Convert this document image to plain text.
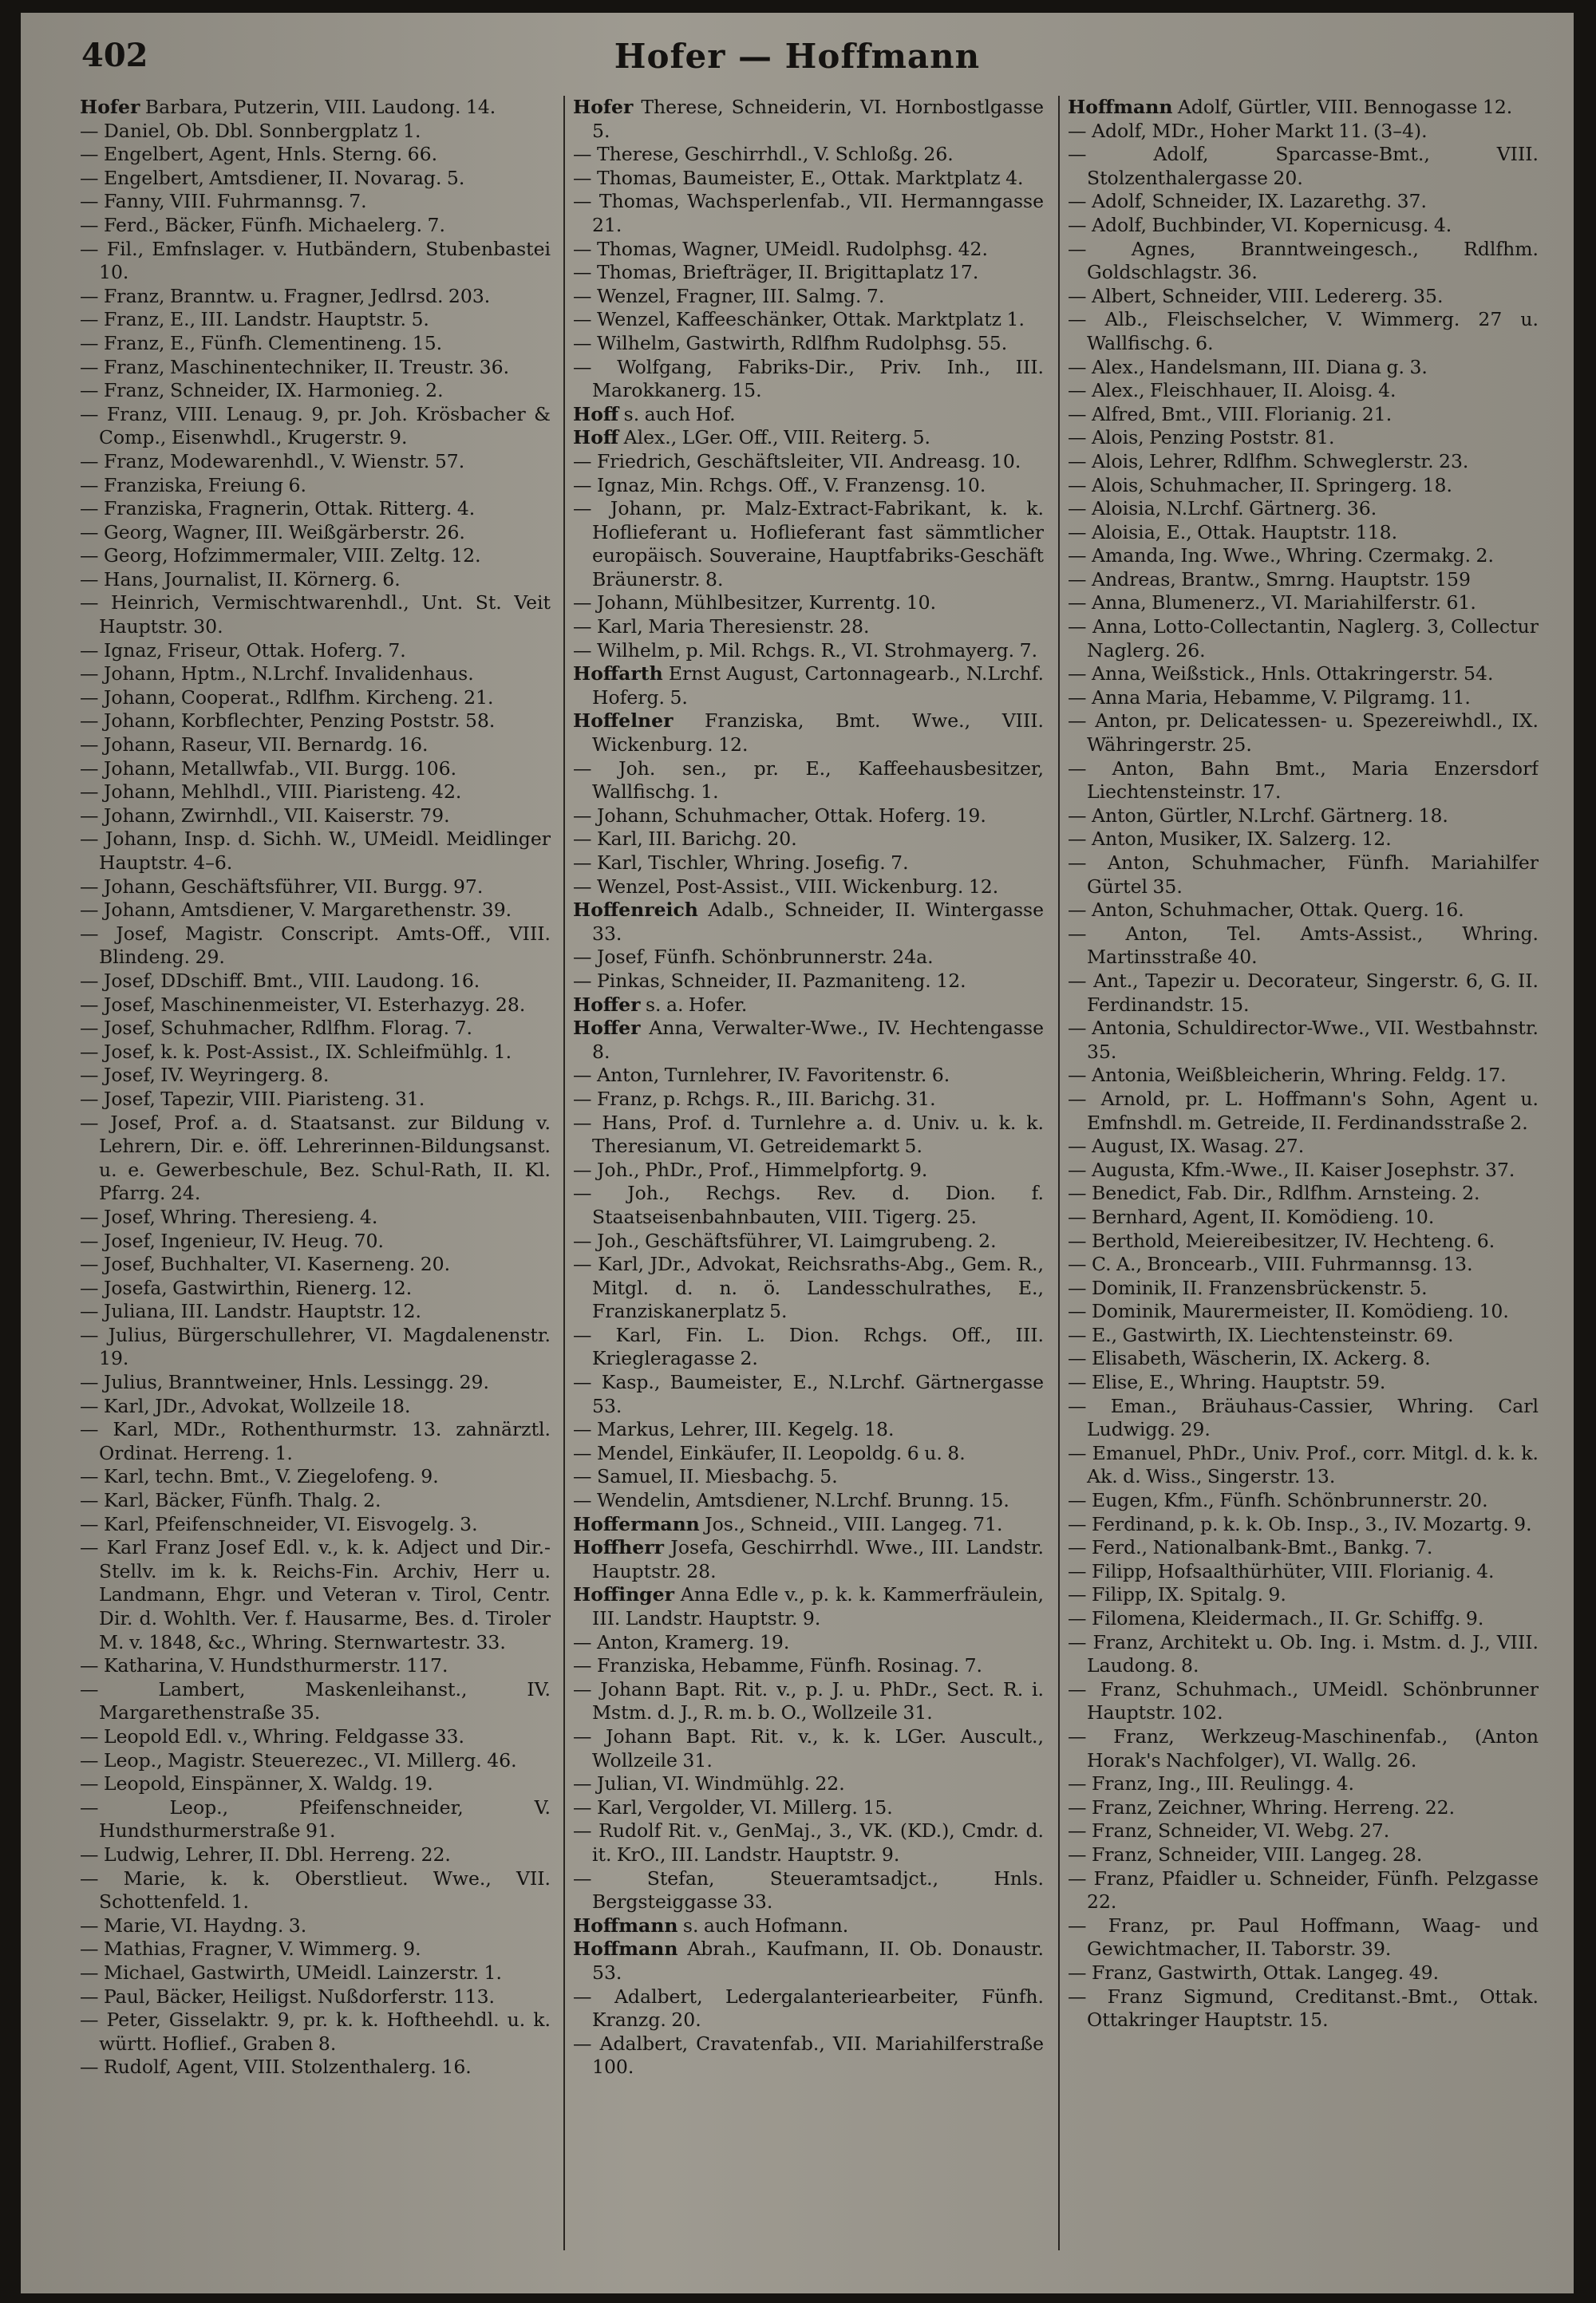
402	Hofer — Hoffmann
Hofer Barbara, Putzerin, VIII. Laudong. 14.
— Daniel, Ob. Dbl. Sonnbergplatz 1.
— Engelbert, Agent, Hnls. Sterng. 66.
— Engelbert, Amtsdiener, II. Novarag. 5.
— Fanny, VIII. Fuhrmannsg. 7.
— Ferd., Bäcker, Fünfh. Michaelerg. 7.
— Fil., Emfnslager. v. Hutbändern, Stubenbastei 10.
— Franz, Branntw. u. Fragner, Jedlrsd. 203.
— Franz, E., III. Landstr. Hauptstr. 5.
— Franz, E., Fünfh. Clementineng. 15.
— Franz, Maschinentechniker, II. Treustr. 36.
— Franz, Schneider, IX. Harmonieg. 2.
— Franz, VIII. Lenaug. 9, pr. Joh. Krösbacher & Comp., Eisenwhdl., Krugerstr. 9.
— Franz, Modewarenhdl., V. Wienstr. 57.
— Franziska, Freiung 6.
— Franziska, Fragnerin, Ottak. Ritterg. 4.
— Georg, Wagner, III. Weißgärberstr. 26.
— Georg, Hofzimmermaler, VIII. Zeltg. 12.
— Hans, Journalist, II. Körnerg. 6.
— Heinrich, Vermischtwarenhdl., Unt. St. Veit Hauptstr. 30.
— Ignaz, Friseur, Ottak. Hoferg. 7.
— Johann, Hptm., N.Lrchf. Invalidenhaus.
— Johann, Cooperat., Rdlfhm. Kircheng. 21.
— Johann, Korbflechter, Penzing Poststr. 58.
— Johann, Raseur, VII. Bernardg. 16.
— Johann, Metallwfab., VII. Burgg. 106.
— Johann, Mehlhdl., VIII. Piaristeng. 42.
— Johann, Zwirnhdl., VII. Kaiserstr. 79.
— Johann, Insp. d. Sichh. W., UMeidl. Meidlinger Hauptstr. 4–6.
— Johann, Geschäftsführer, VII. Burgg. 97.
— Johann, Amtsdiener, V. Margarethenstr. 39.
— Josef, Magistr. Conscript. Amts-Off., VIII. Blindeng. 29.
— Josef, DDschiff. Bmt., VIII. Laudong. 16.
— Josef, Maschinenmeister, VI. Esterhazyg. 28.
— Josef, Schuhmacher, Rdlfhm. Florag. 7.
— Josef, k. k. Post-Assist., IX. Schleifmühlg. 1.
— Josef, IV. Weyringerg. 8.
— Josef, Tapezir, VIII. Piaristeng. 31.
— Josef, Prof. a. d. Staatsanst. zur Bildung v. Lehrern, Dir. e. öff. Lehrerinnen-Bildungsanst. u. e. Gewerbeschule, Bez. Schul-Rath, II. Kl. Pfarrg. 24.
— Josef, Whring. Theresieng. 4.
— Josef, Ingenieur, IV. Heug. 70.
— Josef, Buchhalter, VI. Kaserneng. 20.
— Josefa, Gastwirthin, Rienerg. 12.
— Juliana, III. Landstr. Hauptstr. 12.
— Julius, Bürgerschullehrer, VI. Magdalenenstr. 19.
— Julius, Branntweiner, Hnls. Lessingg. 29.
— Karl, JDr., Advokat, Wollzeile 18.
— Karl, MDr., Rothenthurmstr. 13. zahnärztl. Ordinat. Herreng. 1.
— Karl, techn. Bmt., V. Ziegelofeng. 9.
— Karl, Bäcker, Fünfh. Thalg. 2.
— Karl, Pfeifenschneider, VI. Eisvogelg. 3.
— Karl Franz Josef Edl. v., k. k. Adject und Dir.-Stellv. im k. k. Reichs-Fin. Archiv, Herr u. Landmann, Ehgr. und Veteran v. Tirol, Centr. Dir. d. Wohlth. Ver. f. Hausarme, Bes. d. Tiroler M. v. 1848, &c., Whring. Sternwartestr. 33.
— Katharina, V. Hundsthurmerstr. 117.
— Lambert, Maskenleihanst., IV. Margarethenstraße 35.
— Leopold Edl. v., Whring. Feldgasse 33.
— Leop., Magistr. Steuerezec., VI. Millerg. 46.
— Leopold, Einspänner, X. Waldg. 19.
— Leop., Pfeifenschneider, V. Hundsthurmerstraße 91.
— Ludwig, Lehrer, II. Dbl. Herreng. 22.
— Marie, k. k. Oberstlieut. Wwe., VII. Schottenfeld. 1.
— Marie, VI. Haydng. 3.
— Mathias, Fragner, V. Wimmerg. 9.
— Michael, Gastwirth, UMeidl. Lainzerstr. 1.
— Paul, Bäcker, Heiligst. Nußdorferstr. 113.
— Peter, Gisselaktr. 9, pr. k. k. Hoftheehdl. u. k. württ. Hoflief., Graben 8.
— Rudolf, Agent, VIII. Stolzenthalerg. 16.
Hofer Therese, Schneiderin, VI. Hornbostlgasse 5.
— Therese, Geschirrhdl., V. Schloßg. 26.
— Thomas, Baumeister, E., Ottak. Marktplatz 4.
— Thomas, Wachsperlenfab., VII. Hermanngasse 21.
— Thomas, Wagner, UMeidl. Rudolphsg. 42.
— Thomas, Briefträger, II. Brigittaplatz 17.
— Wenzel, Fragner, III. Salmg. 7.
— Wenzel, Kaffeeschänker, Ottak. Marktplatz 1.
— Wilhelm, Gastwirth, Rdlfhm Rudolphsg. 55.
— Wolfgang, Fabriks-Dir., Priv. Inh., III. Marokkanerg. 15.
Hoff s. auch Hof.
Hoff Alex., LGer. Off., VIII. Reiterg. 5.
— Friedrich, Geschäftsleiter, VII. Andreasg. 10.
— Ignaz, Min. Rchgs. Off., V. Franzensg. 10.
— Johann, pr. Malz-Extract-Fabrikant, k. k. Hoflieferant u. Hoflieferant fast sämmtlicher europäisch. Souveraine, Hauptfabriks-Geschäft Bräunerstr. 8.
— Johann, Mühlbesitzer, Kurrentg. 10.
— Karl, Maria Theresienstr. 28.
— Wilhelm, p. Mil. Rchgs. R., VI. Strohmayerg. 7.
Hoffarth Ernst August, Cartonnagearb., N.Lrchf. Hoferg. 5.
Hoffelner Franziska, Bmt. Wwe., VIII. Wickenburg. 12.
— Joh. sen., pr. E., Kaffeehausbesitzer, Wallfischg. 1.
— Johann, Schuhmacher, Ottak. Hoferg. 19.
— Karl, III. Barichg. 20.
— Karl, Tischler, Whring. Josefig. 7.
— Wenzel, Post-Assist., VIII. Wickenburg. 12.
Hoffenreich Adalb., Schneider, II. Wintergasse 33.
— Josef, Fünfh. Schönbrunnerstr. 24a.
— Pinkas, Schneider, II. Pazmaniteng. 12.
Hoffer s. a. Hofer.
Hoffer Anna, Verwalter-Wwe., IV. Hechtengasse 8.
— Anton, Turnlehrer, IV. Favoritenstr. 6.
— Franz, p. Rchgs. R., III. Barichg. 31.
— Hans, Prof. d. Turnlehre a. d. Univ. u. k. k. Theresianum, VI. Getreidemarkt 5.
— Joh., PhDr., Prof., Himmelpfortg. 9.
— Joh., Rechgs. Rev. d. Dion. f. Staatseisenbahnbauten, VIII. Tigerg. 25.
— Joh., Geschäftsführer, VI. Laimgrubeng. 2.
— Karl, JDr., Advokat, Reichsraths-Abg., Gem. R., Mitgl. d. n. ö. Landesschulrathes, E., Franziskanerplatz 5.
— Karl, Fin. L. Dion. Rchgs. Off., III. Kriegleragasse 2.
— Kasp., Baumeister, E., N.Lrchf. Gärtnergasse 53.
— Markus, Lehrer, III. Kegelg. 18.
— Mendel, Einkäufer, II. Leopoldg. 6 u. 8.
— Samuel, II. Miesbachg. 5.
— Wendelin, Amtsdiener, N.Lrchf. Brunng. 15.
Hoffermann Jos., Schneid., VIII. Langeg. 71.
Hoffherr Josefa, Geschirrhdl. Wwe., III. Landstr. Hauptstr. 28.
Hoffinger Anna Edle v., p. k. k. Kammerfräulein, III. Landstr. Hauptstr. 9.
— Anton, Kramerg. 19.
— Franziska, Hebamme, Fünfh. Rosinag. 7.
— Johann Bapt. Rit. v., p. J. u. PhDr., Sect. R. i. Mstm. d. J., R. m. b. O., Wollzeile 31.
— Johann Bapt. Rit. v., k. k. LGer. Auscult., Wollzeile 31.
— Julian, VI. Windmühlg. 22.
— Karl, Vergolder, VI. Millerg. 15.
— Rudolf Rit. v., GenMaj., 3., VK. (KD.), Cmdr. d. it. KrO., III. Landstr. Hauptstr. 9.
— Stefan, Steueramtsadjct., Hnls. Bergsteiggasse 33.
Hoffmann s. auch Hofmann.
Hoffmann Abrah., Kaufmann, II. Ob. Donaustr. 53.
— Adalbert, Ledergalanteriearbeiter, Fünfh. Kranzg. 20.
— Adalbert, Cravatenfab., VII. Mariahilferstraße 100.
Hoffmann Adolf, Gürtler, VIII. Bennogasse 12.
— Adolf, MDr., Hoher Markt 11. (3–4).
— Adolf, Sparcasse-Bmt., VIII. Stolzenthalergasse 20.
— Adolf, Schneider, IX. Lazarethg. 37.
— Adolf, Buchbinder, VI. Kopernicusg. 4.
— Agnes, Branntweingesch., Rdlfhm. Goldschlagstr. 36.
— Albert, Schneider, VIII. Ledererg. 35.
— Alb., Fleischselcher, V. Wimmerg. 27 u. Wallfischg. 6.
— Alex., Handelsmann, III. Diana g. 3.
— Alex., Fleischhauer, II. Aloisg. 4.
— Alfred, Bmt., VIII. Florianig. 21.
— Alois, Penzing Poststr. 81.
— Alois, Lehrer, Rdlfhm. Schweglerstr. 23.
— Alois, Schuhmacher, II. Springerg. 18.
— Aloisia, N.Lrchf. Gärtnerg. 36.
— Aloisia, E., Ottak. Hauptstr. 118.
— Amanda, Ing. Wwe., Whring. Czermakg. 2.
— Andreas, Brantw., Smrng. Hauptstr. 159
— Anna, Blumenerz., VI. Mariahilferstr. 61.
— Anna, Lotto-Collectantin, Naglerg. 3, Collectur Naglerg. 26.
— Anna, Weißstick., Hnls. Ottakringerstr. 54.
— Anna Maria, Hebamme, V. Pilgramg. 11.
— Anton, pr. Delicatessen- u. Spezereiwhdl., IX. Währingerstr. 25.
— Anton, Bahn Bmt., Maria Enzersdorf Liechtensteinstr. 17.
— Anton, Gürtler, N.Lrchf. Gärtnerg. 18.
— Anton, Musiker, IX. Salzerg. 12.
— Anton, Schuhmacher, Fünfh. Mariahilfer Gürtel 35.
— Anton, Schuhmacher, Ottak. Querg. 16.
— Anton, Tel. Amts-Assist., Whring. Martinsstraße 40.
— Ant., Tapezir u. Decorateur, Singerstr. 6, G. II. Ferdinandstr. 15.
— Antonia, Schuldirector-Wwe., VII. Westbahnstr. 35.
— Antonia, Weißbleicherin, Whring. Feldg. 17.
— Arnold, pr. L. Hoffmann's Sohn, Agent u. Emfnshdl. m. Getreide, II. Ferdinandsstraße 2.
— August, IX. Wasag. 27.
— Augusta, Kfm.-Wwe., II. Kaiser Josephstr. 37.
— Benedict, Fab. Dir., Rdlfhm. Arnsteing. 2.
— Bernhard, Agent, II. Komödieng. 10.
— Berthold, Meiereibesitzer, IV. Hechteng. 6.
— C. A., Broncearb., VIII. Fuhrmannsg. 13.
— Dominik, II. Franzensbrückenstr. 5.
— Dominik, Maurermeister, II. Komödieng. 10.
— E., Gastwirth, IX. Liechtensteinstr. 69.
— Elisabeth, Wäscherin, IX. Ackerg. 8.
— Elise, E., Whring. Hauptstr. 59.
— Eman., Bräuhaus-Cassier, Whring. Carl Ludwigg. 29.
— Emanuel, PhDr., Univ. Prof., corr. Mitgl. d. k. k. Ak. d. Wiss., Singerstr. 13.
— Eugen, Kfm., Fünfh. Schönbrunnerstr. 20.
— Ferdinand, p. k. k. Ob. Insp., 3., IV. Mozartg. 9.
— Ferd., Nationalbank-Bmt., Bankg. 7.
— Filipp, Hofsaalthürhüter, VIII. Florianig. 4.
— Filipp, IX. Spitalg. 9.
— Filomena, Kleidermach., II. Gr. Schiffg. 9.
— Franz, Architekt u. Ob. Ing. i. Mstm. d. J., VIII. Laudong. 8.
— Franz, Schuhmach., UMeidl. Schönbrunner Hauptstr. 102.
— Franz, Werkzeug-Maschinenfab., (Anton Horak's Nachfolger), VI. Wallg. 26.
— Franz, Ing., III. Reulingg. 4.
— Franz, Zeichner, Whring. Herreng. 22.
— Franz, Schneider, VI. Webg. 27.
— Franz, Schneider, VIII. Langeg. 28.
— Franz, Pfaidler u. Schneider, Fünfh. Pelzgasse 22.
— Franz, pr. Paul Hoffmann, Waag- und Gewichtmacher, II. Taborstr. 39.
— Franz, Gastwirth, Ottak. Langeg. 49.
— Franz Sigmund, Creditanst.-Bmt., Ottak. Ottakringer Hauptstr. 15.
